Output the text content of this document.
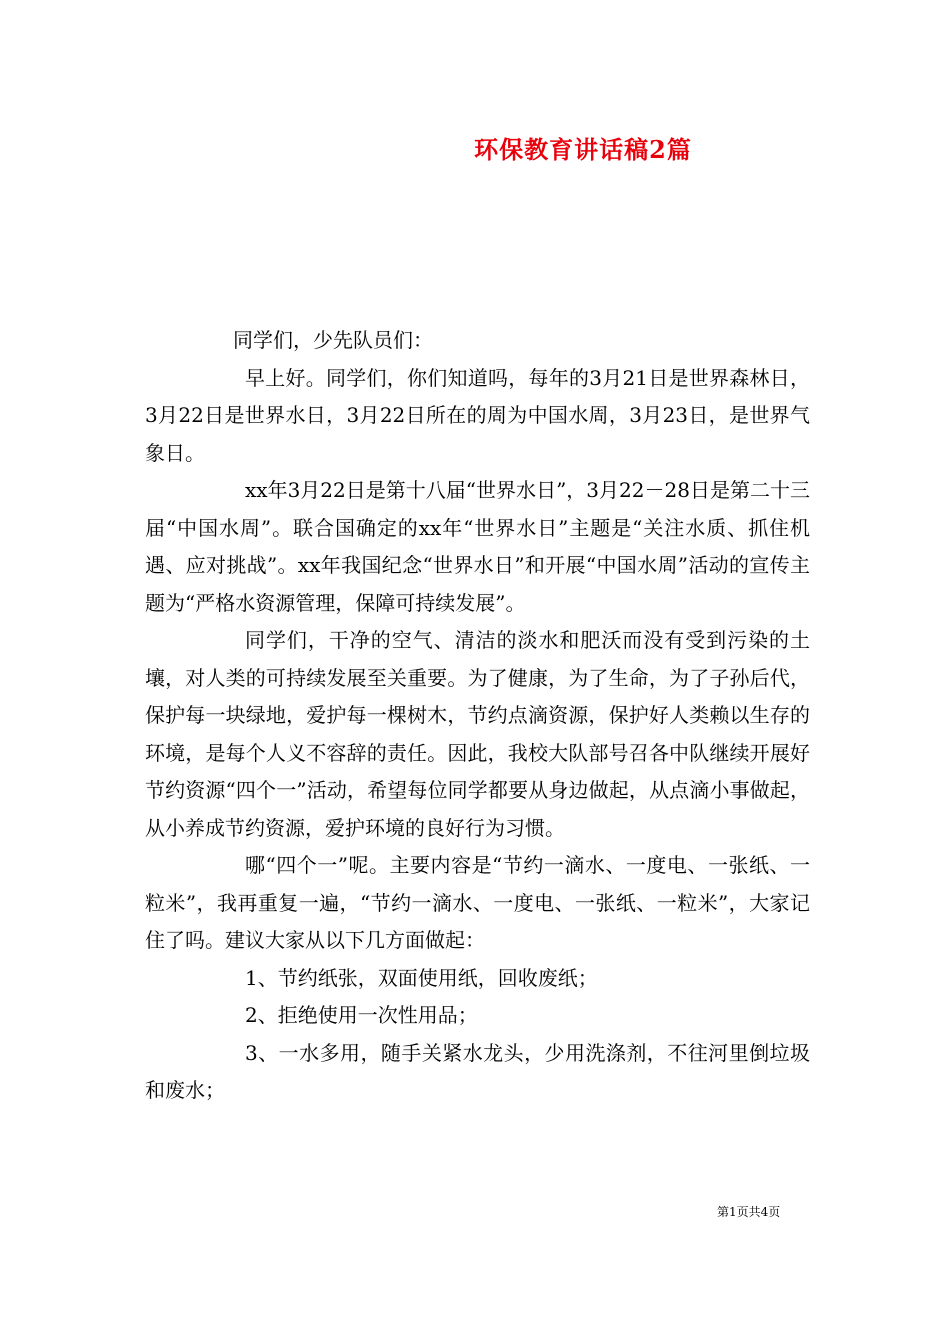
环保教育讲话稿2篇

同学们，少先队员们：

早上好。同学们，你们知道吗，每年的3月21日是世界森林日，3月22日是世界水日，3月22日所在的周为中国水周，3月23日，是世界气象日。

xx年3月22日是第十八届“世界水日”，3月22－28日是第二十三届“中国水周”。联合国确定的xx年“世界水日”主题是“关注水质、抓住机遇、应对挑战”。xx年我国纪念“世界水日”和开展“中国水周”活动的宣传主题为“严格水资源管理，保障可持续发展”。

同学们，干净的空气、清洁的淡水和肥沃而没有受到污染的土壤，对人类的可持续发展至关重要。为了健康，为了生命，为了子孙后代，保护每一块绿地，爱护每一棵树木，节约点滴资源，保护好人类赖以生存的环境，是每个人义不容辞的责任。因此，我校大队部号召各中队继续开展好节约资源“四个一”活动，希望每位同学都要从身边做起，从点滴小事做起，从小养成节约资源，爱护环境的良好行为习惯。

哪“四个一”呢。主要内容是“节约一滴水、一度电、一张纸、一粒米”，我再重复一遍，“节约一滴水、一度电、一张纸、一粒米”，大家记住了吗。建议大家从以下几方面做起：

1、节约纸张，双面使用纸，回收废纸；

2、拒绝使用一次性用品；

3、一水多用，随手关紧水龙头，少用洗涤剂，不往河里倒垃圾和废水；

第1页共4页
